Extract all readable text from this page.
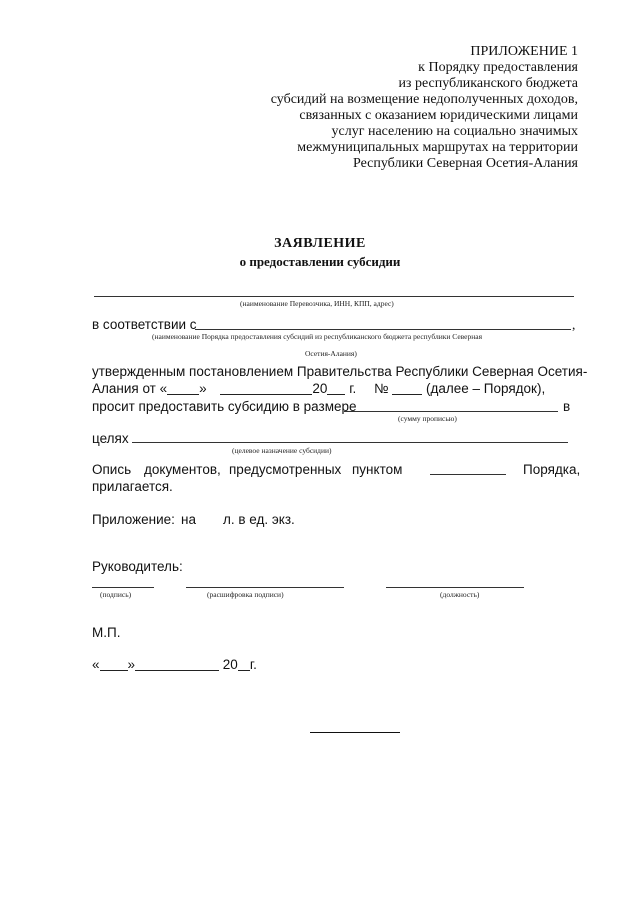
ПРИЛОЖЕНИЕ 1
к Порядку предоставления
из республиканского бюджета
субсидий на возмещение недополученных доходов,
связанных с оказанием юридическими лицами
услуг населению на социально значимых
межмуниципальных маршрутах на территории
Республики Северная Осетия-Алания
ЗАЯВЛЕНИЕ
о предоставлении субсидии
(наименование Перевозчика, ИНН, КПП, адрес)
в соответствии с	,
(наименование Порядка предоставления субсидий из республиканского бюджета республики Северная
Осетия-Алания)
утвержденным постановлением Правительства Республики Северная Осетия-
Алания от « »	20 г. №	(далее – Порядок),
просит предоставить субсидию в размере	в
(сумму прописью)
целях
(целевое назначение субсидии)
Опись документов, предусмотренных пунктом	Порядка,
прилагается.
Приложение: на л. в ед. экз.
Руководитель:
(подпись)	(расшифровка подписи)	(должность)
М.П.
« »	20 г.
